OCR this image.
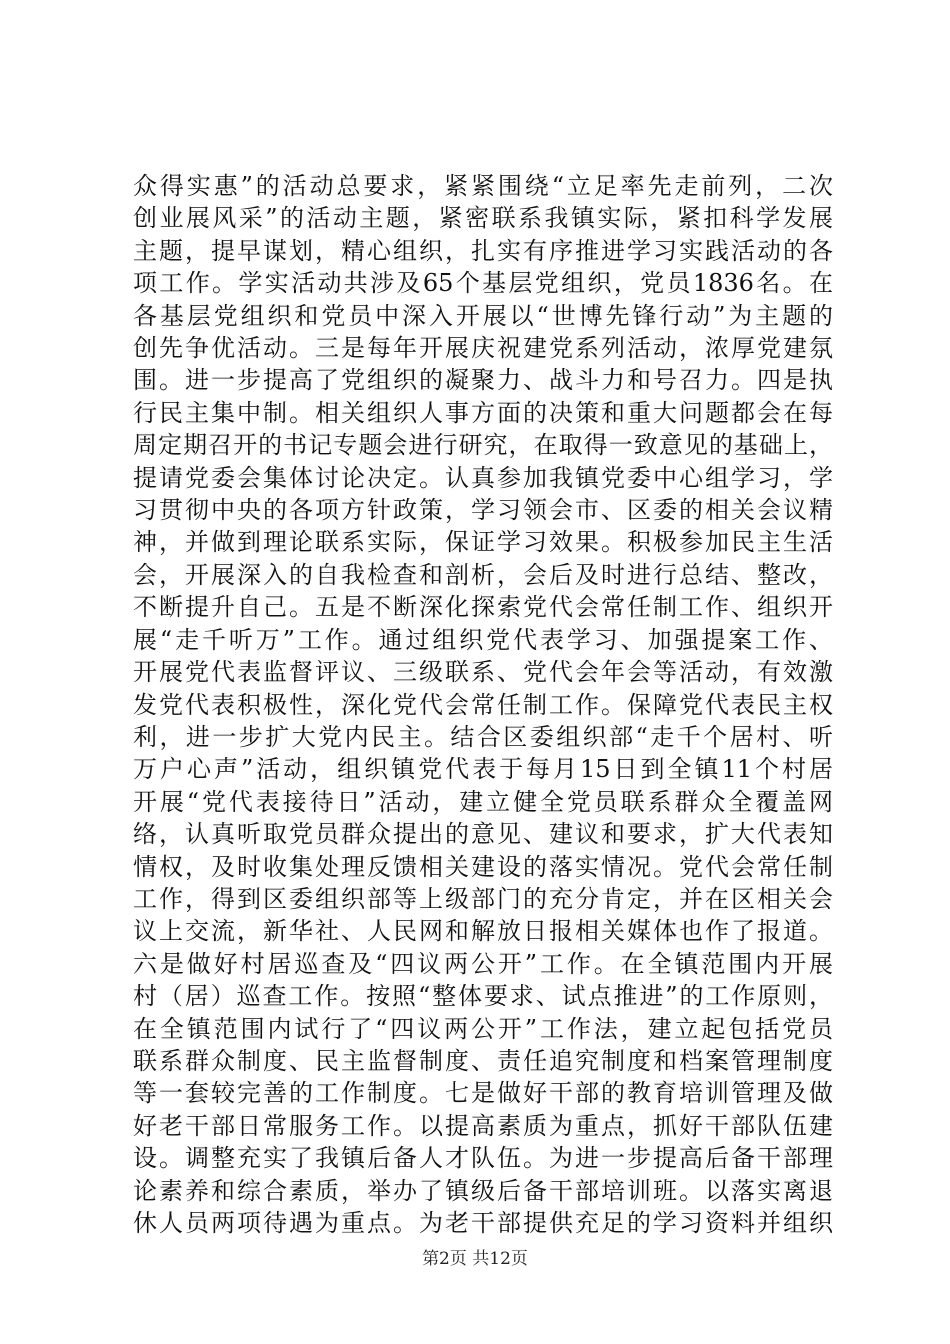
众得实惠”的活动总要求，紧紧围绕“立足率先走前列，二次
创业展风采”的活动主题，紧密联系我镇实际，紧扣科学发展
主题，提早谋划，精心组织，扎实有序推进学习实践活动的各
项工作。学实活动共涉及65个基层党组织，党员1836名。在
各基层党组织和党员中深入开展以“世博先锋行动”为主题的
创先争优活动。三是每年开展庆祝建党系列活动，浓厚党建氛
围。进一步提高了党组织的凝聚力、战斗力和号召力。四是执
行民主集中制。相关组织人事方面的决策和重大问题都会在每
周定期召开的书记专题会进行研究，在取得一致意见的基础上，
提请党委会集体讨论决定。认真参加我镇党委中心组学习，学
习贯彻中央的各项方针政策，学习领会市、区委的相关会议精
神，并做到理论联系实际，保证学习效果。积极参加民主生活
会，开展深入的自我检查和剖析，会后及时进行总结、整改，
不断提升自己。五是不断深化探索党代会常任制工作、组织开
展“走千听万”工作。通过组织党代表学习、加强提案工作、
开展党代表监督评议、三级联系、党代会年会等活动，有效激
发党代表积极性，深化党代会常任制工作。保障党代表民主权
利，进一步扩大党内民主。结合区委组织部“走千个居村、听
万户心声”活动，组织镇党代表于每月15日到全镇11个村居
开展“党代表接待日”活动，建立健全党员联系群众全覆盖网
络，认真听取党员群众提出的意见、建议和要求，扩大代表知
情权，及时收集处理反馈相关建设的落实情况。党代会常任制
工作，得到区委组织部等上级部门的充分肯定，并在区相关会
议上交流，新华社、人民网和解放日报相关媒体也作了报道。
六是做好村居巡查及“四议两公开”工作。在全镇范围内开展
村（居）巡查工作。按照“整体要求、试点推进”的工作原则，
在全镇范围内试行了“四议两公开”工作法，建立起包括党员
联系群众制度、民主监督制度、责任追究制度和档案管理制度
等一套较完善的工作制度。七是做好干部的教育培训管理及做
好老干部日常服务工作。以提高素质为重点，抓好干部队伍建
设。调整充实了我镇后备人才队伍。为进一步提高后备干部理
论素养和综合素质，举办了镇级后备干部培训班。以落实离退
休人员两项待遇为重点。为老干部提供充足的学习资料并组织
第2页 共12页
